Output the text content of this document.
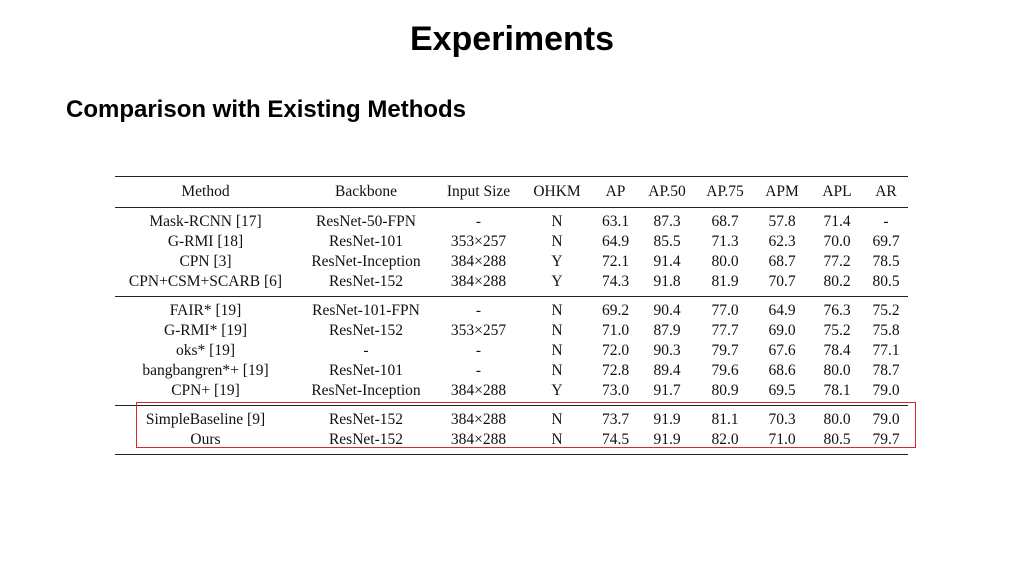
Experiments
Comparison with Existing Methods
Method	Backbone	Input Size	OHKM	AP	AP.50	AP.75	APM	APL	AR
Mask-RCNN [17]	ResNet-50-FPN	-	N	63.1	87.3	68.7	57.8	71.4	-
G-RMI [18]	ResNet-101	353×257	N	64.9	85.5	71.3	62.3	70.0	69.7
CPN [3]	ResNet-Inception	384×288	Y	72.1	91.4	80.0	68.7	77.2	78.5
CPN+CSM+SCARB [6]	ResNet-152	384×288	Y	74.3	91.8	81.9	70.7	80.2	80.5
FAIR* [19]	ResNet-101-FPN	-	N	69.2	90.4	77.0	64.9	76.3	75.2
G-RMI* [19]	ResNet-152	353×257	N	71.0	87.9	77.7	69.0	75.2	75.8
oks* [19]	-	-	N	72.0	90.3	79.7	67.6	78.4	77.1
bangbangren*+ [19]	ResNet-101	-	N	72.8	89.4	79.6	68.6	80.0	78.7
CPN+ [19]	ResNet-Inception	384×288	Y	73.0	91.7	80.9	69.5	78.1	79.0
SimpleBaseline [9]	ResNet-152	384×288	N	73.7	91.9	81.1	70.3	80.0	79.0
Ours	ResNet-152	384×288	N	74.5	91.9	82.0	71.0	80.5	79.7
